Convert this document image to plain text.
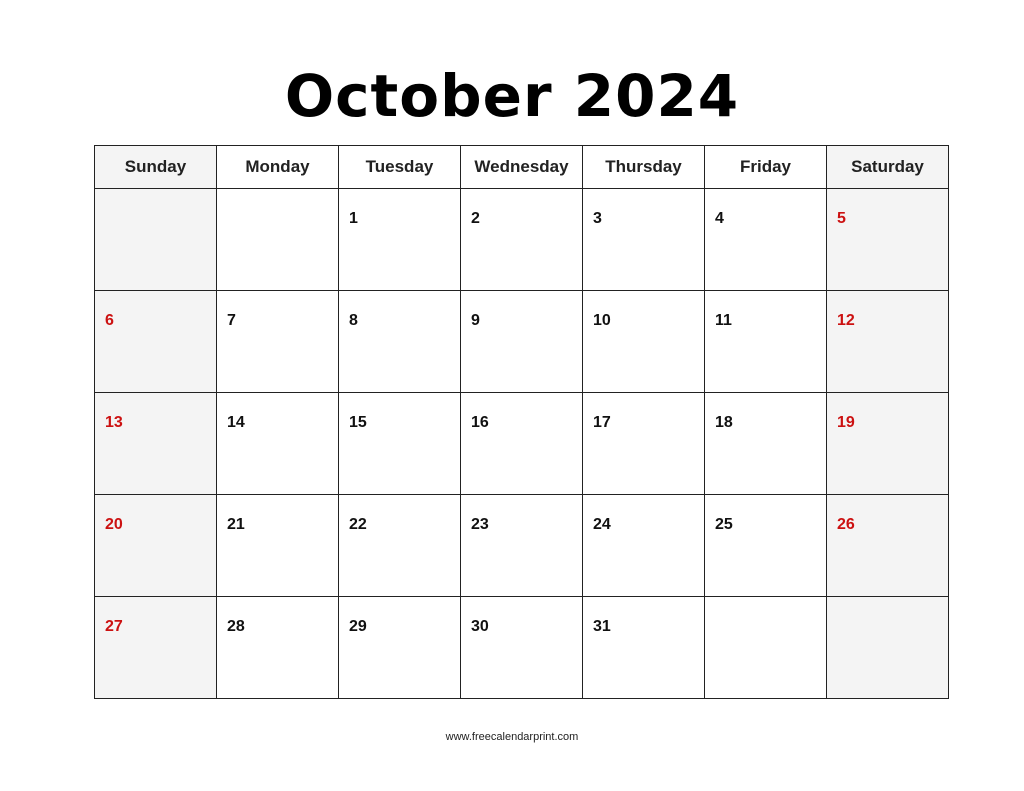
October 2024
Sunday	Monday	Tuesday	Wednesday	Thursday	Friday	Saturday

		1	2	3	4	5

6	7	8	9	10	11	12

13	14	15	16	17	18	19

20	21	22	23	24	25	26

27	28	29	30	31		

www.freecalendarprint.com
